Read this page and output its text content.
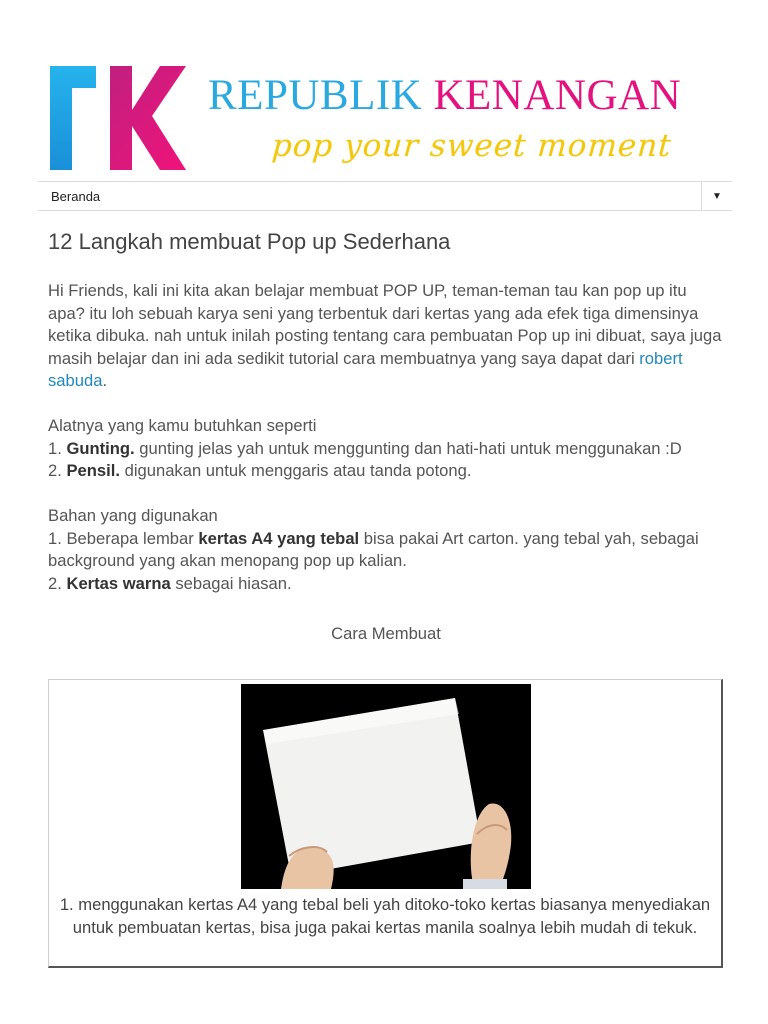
REPUBLIK KENANGAN
pop your sweet moment
Beranda	▼
12 Langkah membuat Pop up Sederhana

Hi Friends, kali ini kita akan belajar membuat POP UP, teman-teman tau kan pop up itu apa? itu loh sebuah karya seni yang terbentuk dari kertas yang ada efek tiga dimensinya ketika dibuka. nah untuk inilah posting tentang cara pembuatan Pop up ini dibuat, saya juga masih belajar dan ini ada sedikit tutorial cara membuatnya yang saya dapat dari robert sabuda.

Alatnya yang kamu butuhkan seperti

1. Gunting. gunting jelas yah untuk menggunting dan hati-hati untuk menggunakan :D

2. Pensil. digunakan untuk menggaris atau tanda potong.

Bahan yang digunakan

1. Beberapa lembar kertas A4 yang tebal bisa pakai Art carton. yang tebal yah, sebagai background yang akan menopang pop up kalian.

2. Kertas warna sebagai hiasan.

Cara Membuat

1. menggunakan kertas A4 yang tebal beli yah ditoko-toko kertas biasanya menyediakan untuk pembuatan kertas, bisa juga pakai kertas manila soalnya lebih mudah di tekuk.
